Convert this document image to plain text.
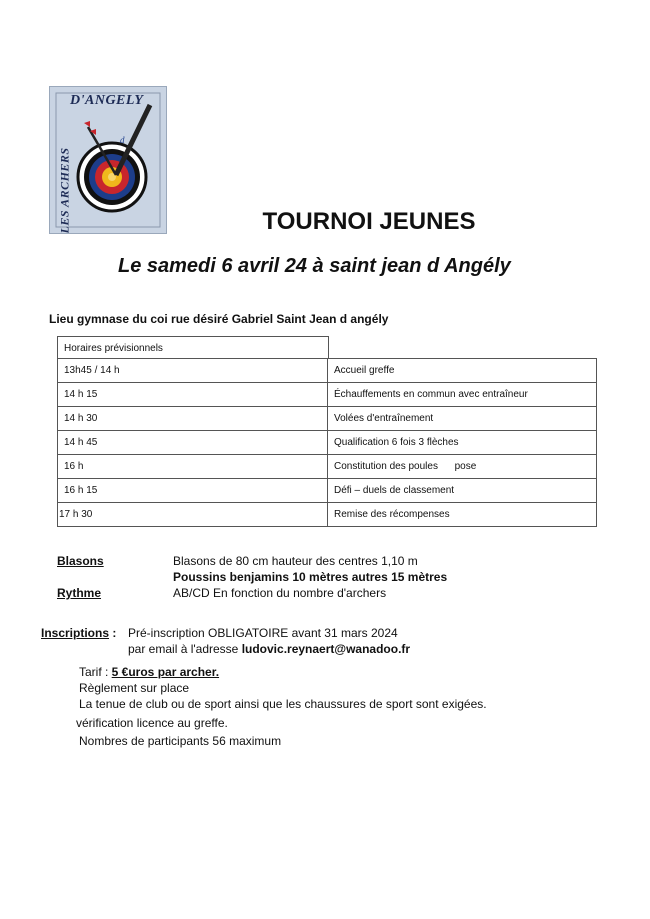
d
D'ANGELY
LES ARCHERS	TOURNOI JEUNES
Le samedi 6 avril 24 à saint jean d Angély
Lieu gymnase du coi rue désiré Gabriel Saint Jean d angély
Horaires prévisionnels
13h45 / 14 h	Accueil greffe
14 h 15	Échauffements en commun avec entraîneur
14 h 30	Volées d'entraînement
14 h 45	Qualification 6 fois 3 flèches
16 h	Constitution des poules      pose
16 h 15	Défi – duels de classement
17 h 30	Remise des récompenses
Blasons	Blasons de 80 cm hauteur des centres 1,10 m
Poussins benjamins 10 mètres autres 15 mètres
Rythme	AB/CD En fonction du nombre d'archers
Inscriptions : Pré-inscription OBLIGATOIRE avant 31 mars 2024
par email à l'adresse ludovic.reynaert@wanadoo.fr
Tarif : 5 €uros par archer.
Règlement sur place
La tenue de club ou de sport ainsi que les chaussures de sport sont exigées.
vérification licence au greffe.
Nombres de participants 56 maximum
